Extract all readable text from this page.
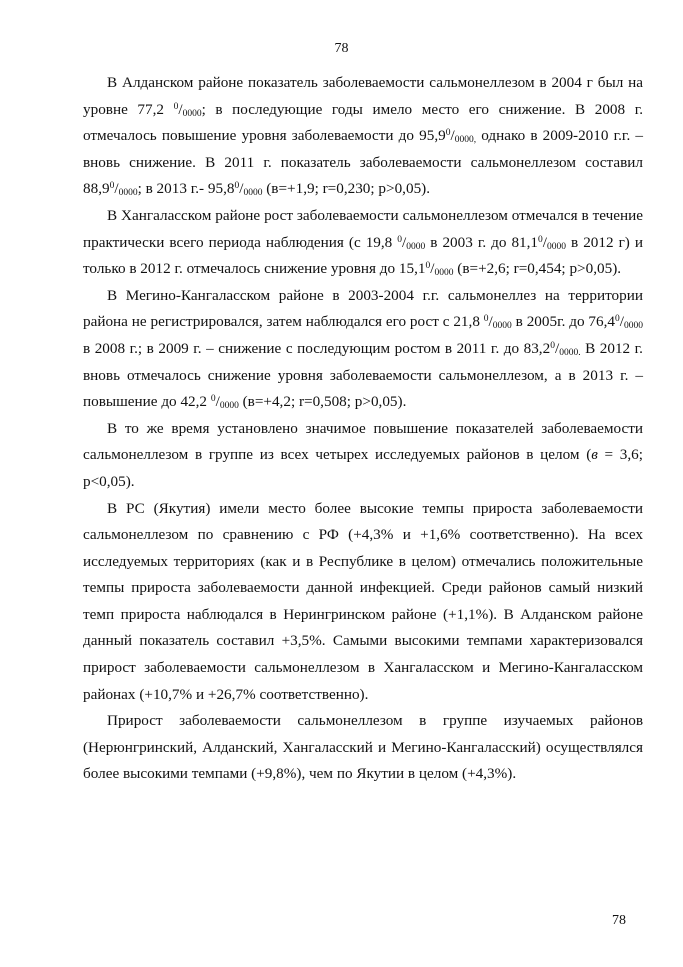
78

В Алданском районе показатель заболеваемости сальмонеллезом в 2004 г был на уровне 77,2 $^0/_{0000}$; в последующие годы имело место его снижение. В 2008 г. отмечалось повышение уровня заболеваемости до $95,9^0/_{0000,}$ однако в 2009-2010 г.г. – вновь снижение. В 2011 г. показатель заболеваемости сальмонеллезом составил $88,9^0/_{0000}$; в 2013 г.- $95,8^0/_{0000}$ (в=+1,9; r=0,230; p>0,05).

В Хангаласском районе рост заболеваемости сальмонеллезом отмечался в течение практически всего периода наблюдения (с 19,8 $^0/_{0000}$ в 2003 г. до $81,1^0/_{0000}$ в 2012 г) и только в 2012 г. отмечалось снижение уровня до $15,1^0/_{0000}$ (в=+2,6; r=0,454; p>0,05).

В Мегино-Кангаласском районе в 2003-2004 г.г. сальмонеллез на территории района не регистрировался, затем наблюдался его рост с 21,8 $^0/_{0000}$ в 2005г. до $76,4^0/_{0000}$ в 2008 г.; в 2009 г. – снижение с последующим ростом в 2011 г. до $83,2^0/_{0000.}$ В 2012 г. вновь отмечалось снижение уровня заболеваемости сальмонеллезом, а в 2013 г. – повышение до 42,2 $^0/_{0000}$ (в=+4,2; r=0,508; p>0,05).

В то же время установлено значимое повышение показателей заболеваемости сальмонеллезом в группе из всех четырех исследуемых районов в целом (в = 3,6; p<0,05).

В РС (Якутия) имели место более высокие темпы прироста заболеваемости сальмонеллезом по сравнению с РФ (+4,3% и +1,6% соответственно). На всех исследуемых территориях (как и в Республике в целом) отмечались положительные темпы прироста заболеваемости данной инфекцией. Среди районов самый низкий темп прироста наблюдался в Нерингринском районе (+1,1%). В Алданском районе данный показатель составил +3,5%. Самыми высокими темпами характеризовался прирост заболеваемости сальмонеллезом в Хангаласском и Мегино-Кангаласском районах (+10,7% и +26,7% соответственно).

Прирост заболеваемости сальмонеллезом в группе изучаемых районов (Нерюнгринский, Алданский, Хангаласский и Мегино-Кангаласский) осуществлялся более высокими темпами (+9,8%), чем по Якутии в целом (+4,3%).

78
